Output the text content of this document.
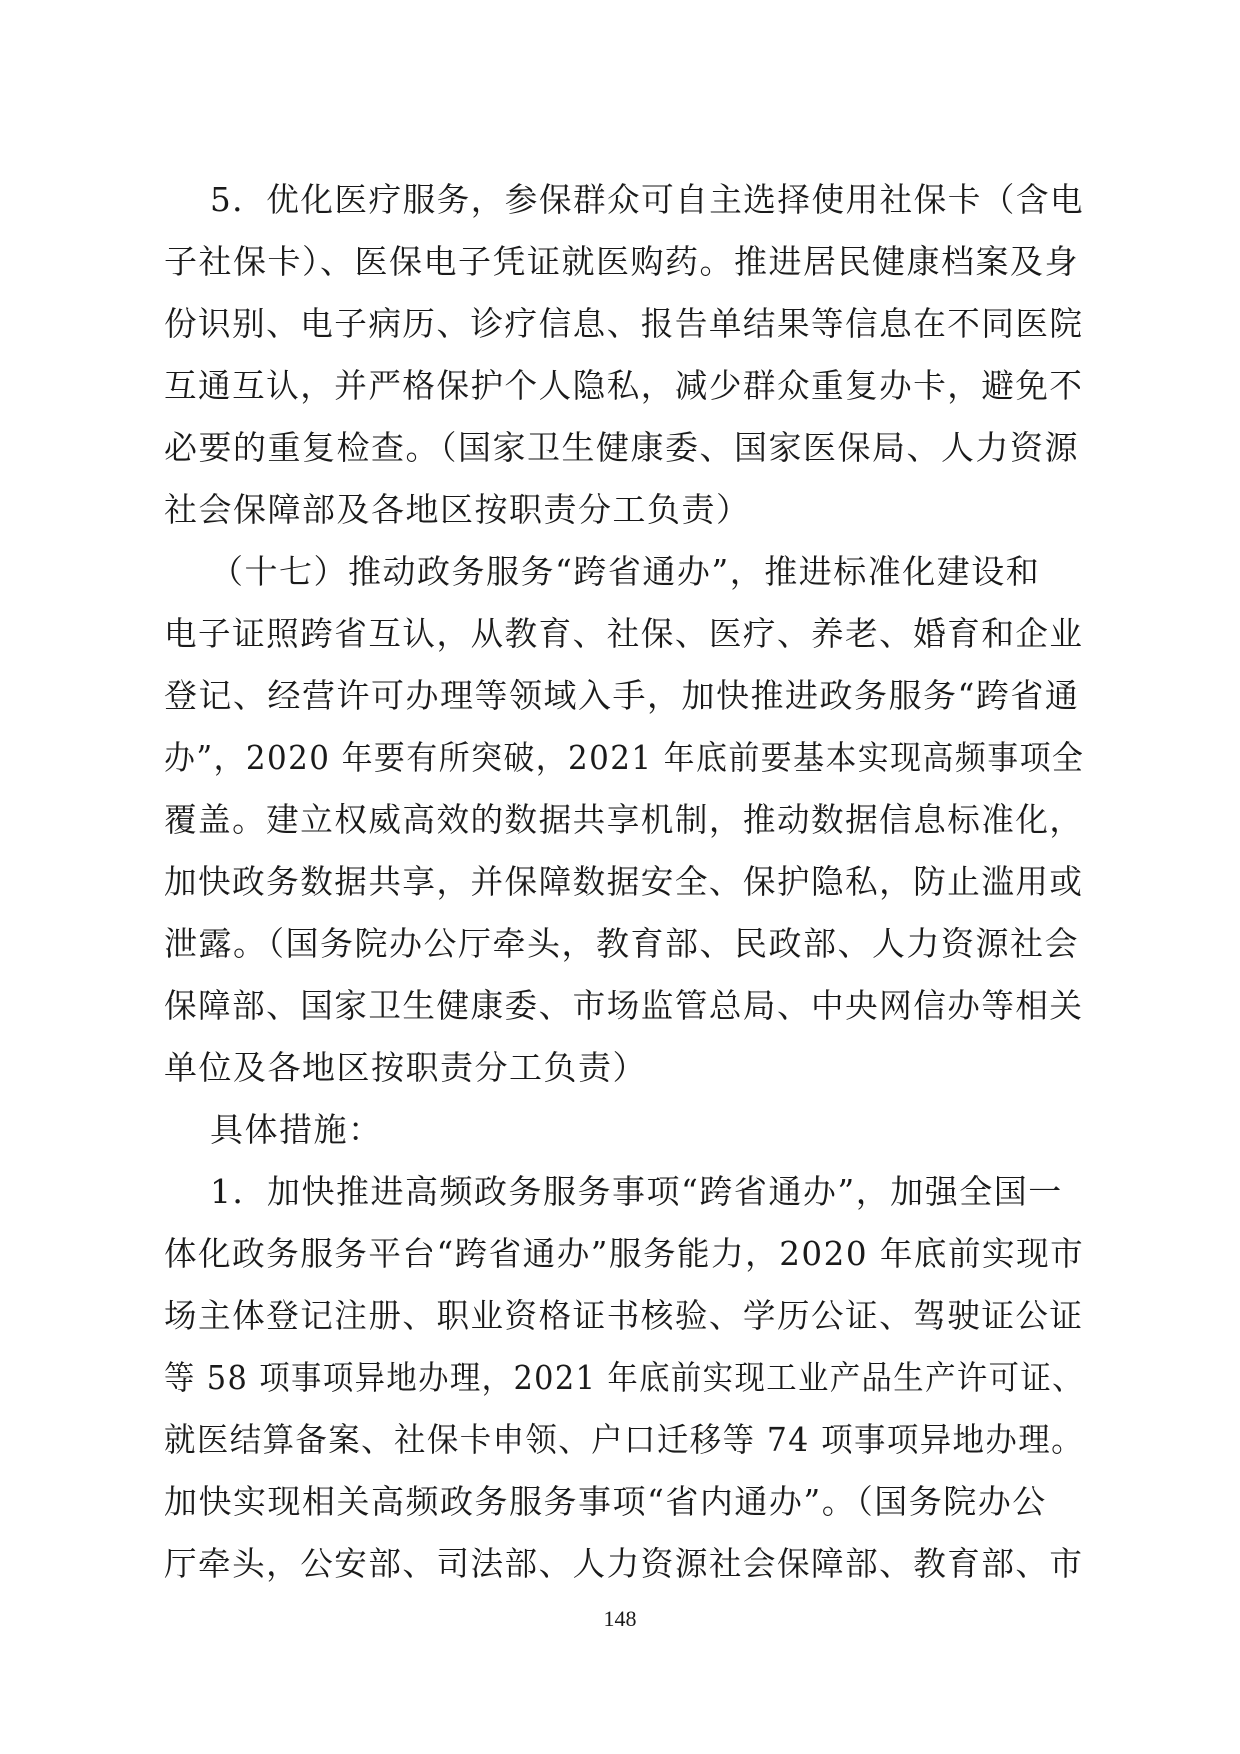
5．优化医疗服务，参保群众可自主选择使用社保卡（含电
子社保卡）、医保电子凭证就医购药。推进居民健康档案及身
份识别、电子病历、诊疗信息、报告单结果等信息在不同医院
互通互认，并严格保护个人隐私，减少群众重复办卡，避免不
必要的重复检查。（国家卫生健康委、国家医保局、人力资源
社会保障部及各地区按职责分工负责）
（十七）推动政务服务“跨省通办”，推进标准化建设和
电子证照跨省互认，从教育、社保、医疗、养老、婚育和企业
登记、经营许可办理等领域入手，加快推进政务服务“跨省通
办”，2020 年要有所突破，2021 年底前要基本实现高频事项全
覆盖。建立权威高效的数据共享机制，推动数据信息标准化，
加快政务数据共享，并保障数据安全、保护隐私，防止滥用或
泄露。（国务院办公厅牵头，教育部、民政部、人力资源社会
保障部、国家卫生健康委、市场监管总局、中央网信办等相关
单位及各地区按职责分工负责）
具体措施：
1．加快推进高频政务服务事项“跨省通办”，加强全国一
体化政务服务平台“跨省通办”服务能力，2020 年底前实现市
场主体登记注册、职业资格证书核验、学历公证、驾驶证公证
等 58 项事项异地办理，2021 年底前实现工业产品生产许可证、
就医结算备案、社保卡申领、户口迁移等 74 项事项异地办理。
加快实现相关高频政务服务事项“省内通办”。（国务院办公
厅牵头，公安部、司法部、人力资源社会保障部、教育部、市
148
